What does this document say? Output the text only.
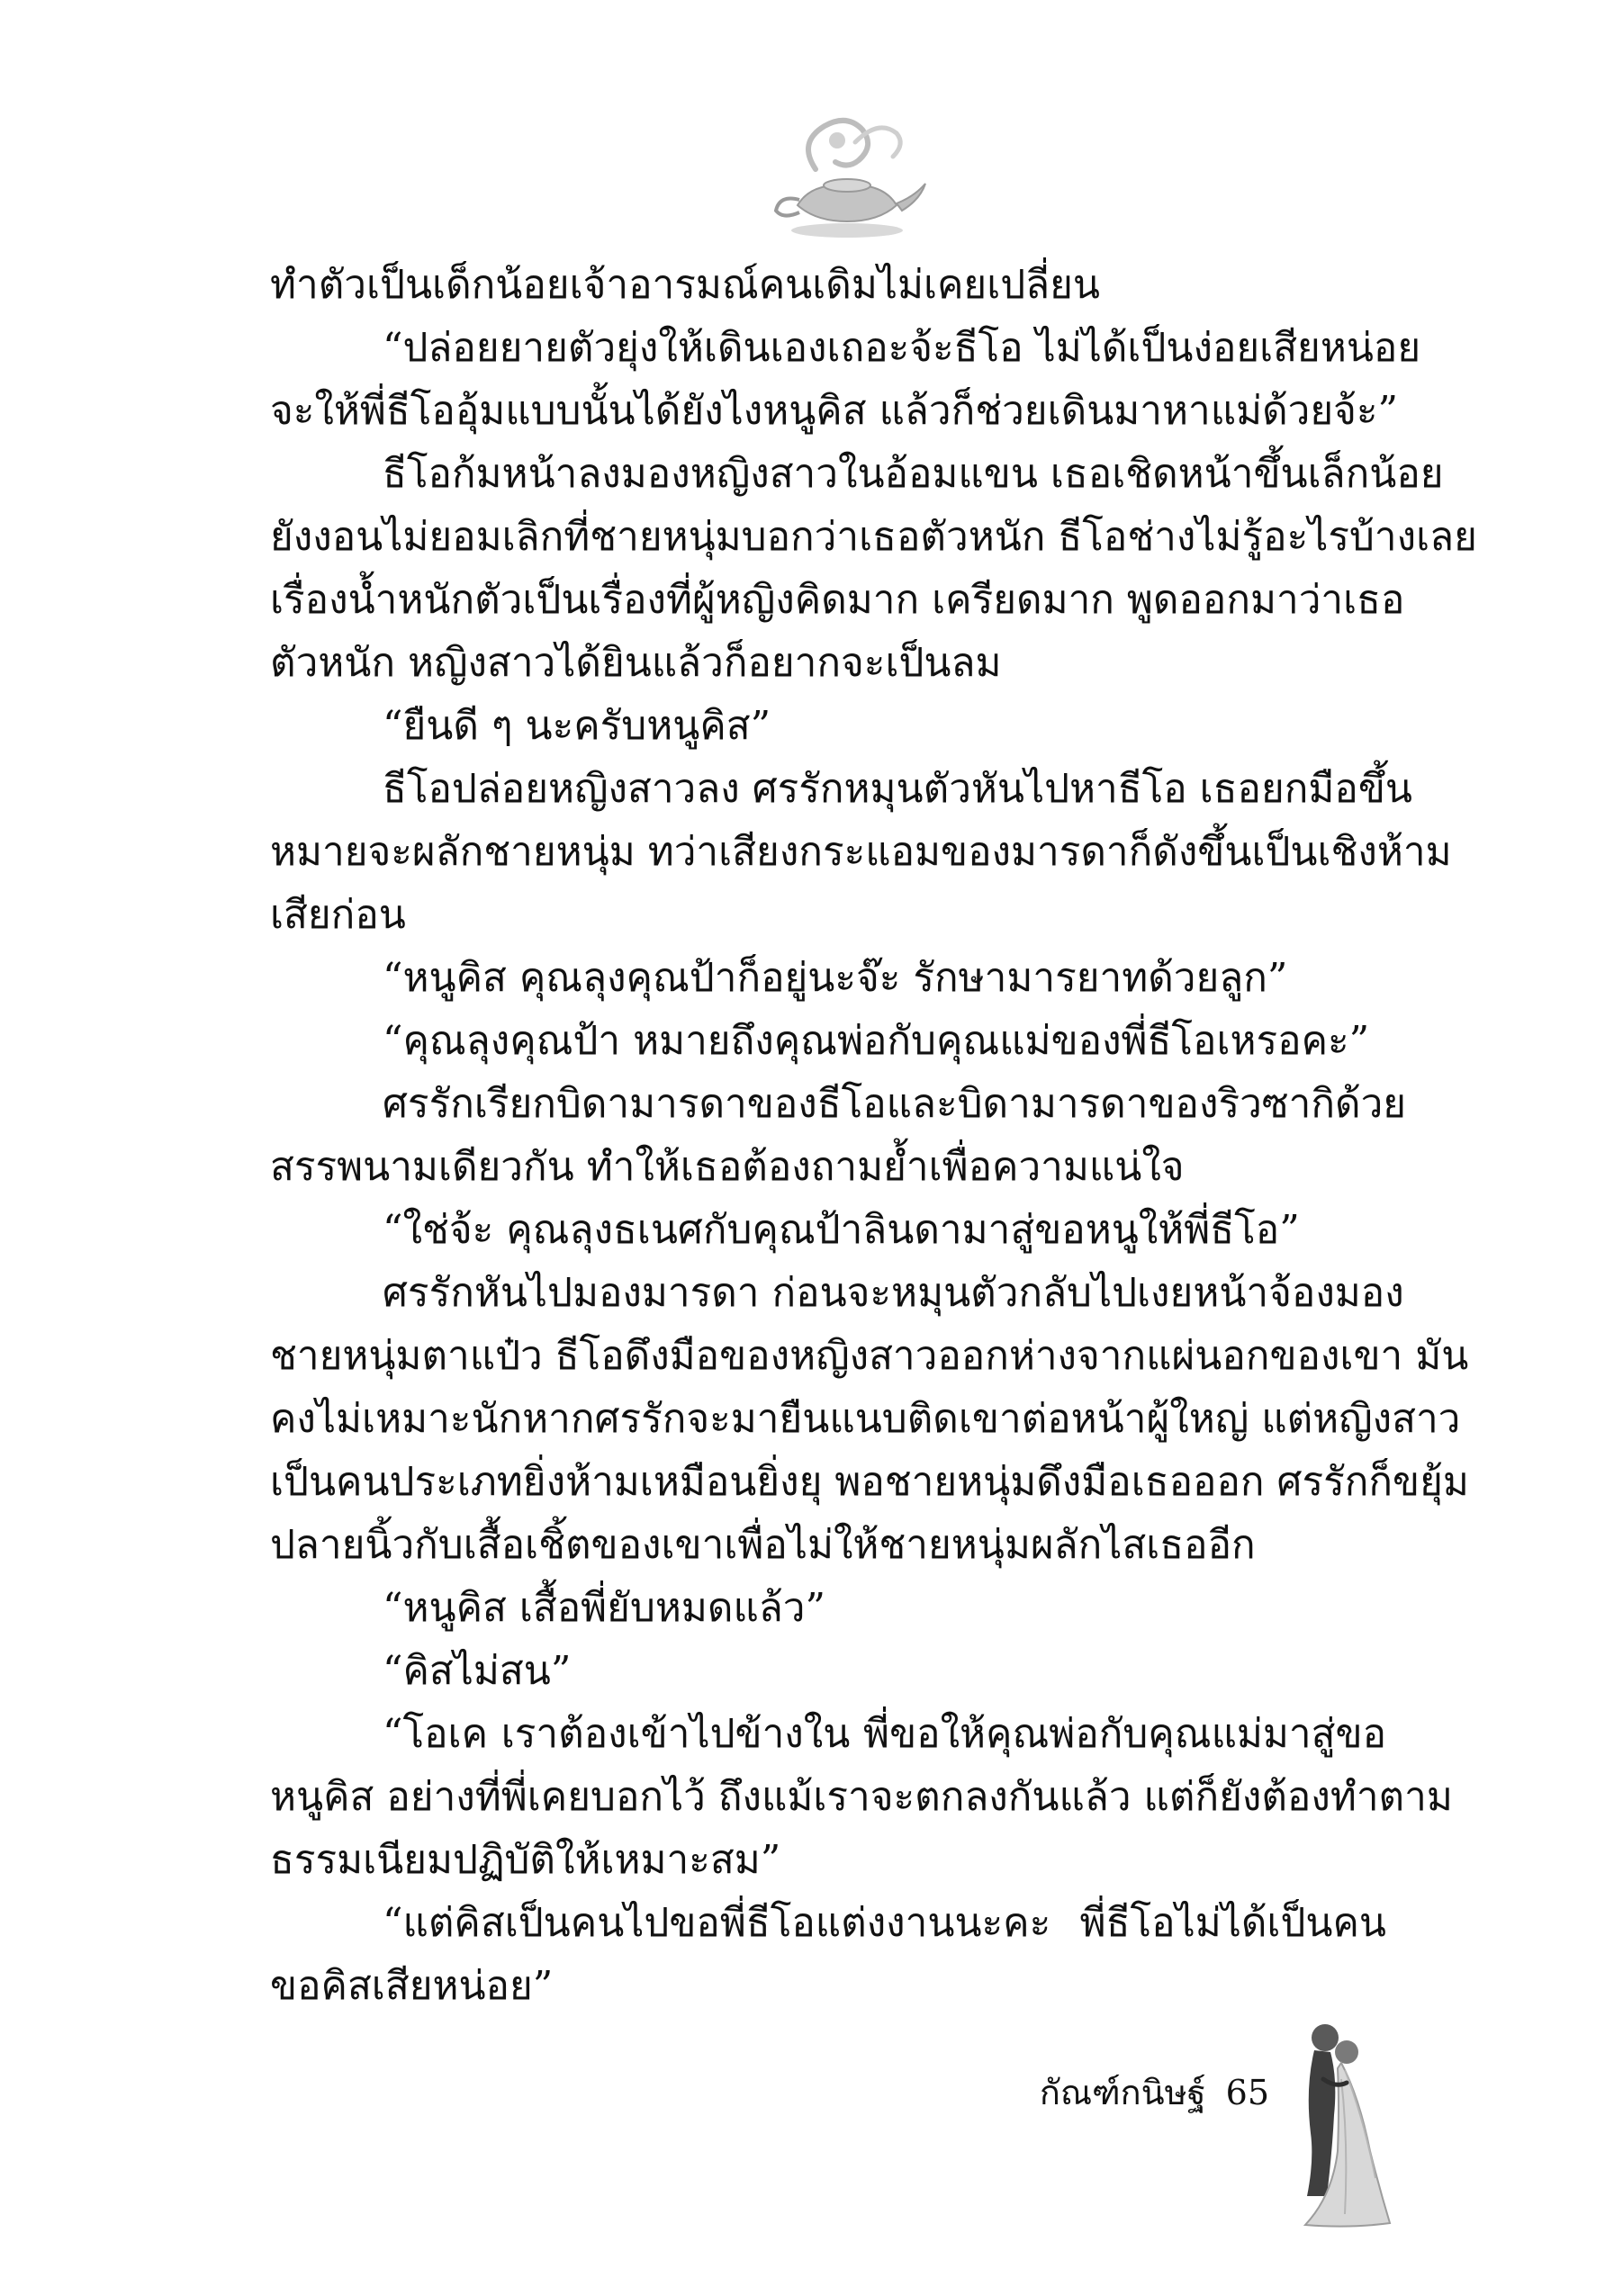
ทำตัวเป็นเด็กน้อยเจ้าอารมณ์คนเดิมไม่เคยเปลี่ยน
“ปล่อยยายตัวยุ่งให้เดินเองเถอะจ้ะธีโอ ไม่ได้เป็นง่อยเสียหน่อย
จะให้พี่ธีโออุ้มแบบนั้นได้ยังไงหนูคิส แล้วก็ช่วยเดินมาหาแม่ด้วยจ้ะ”
ธีโอก้มหน้าลงมองหญิงสาวในอ้อมแขน เธอเชิดหน้าขึ้นเล็กน้อย
ยังงอนไม่ยอมเลิกที่ชายหนุ่มบอกว่าเธอตัวหนัก ธีโอช่างไม่รู้อะไรบ้างเลย
เรื่องน้ำหนักตัวเป็นเรื่องที่ผู้หญิงคิดมาก เครียดมาก พูดออกมาว่าเธอ
ตัวหนัก หญิงสาวได้ยินแล้วก็อยากจะเป็นลม
“ยืนดี ๆ นะครับหนูคิส”
ธีโอปล่อยหญิงสาวลง ศรรักหมุนตัวหันไปหาธีโอ เธอยกมือขึ้น
หมายจะผลักชายหนุ่ม ทว่าเสียงกระแอมของมารดาก็ดังขึ้นเป็นเชิงห้าม
เสียก่อน
“หนูคิส คุณลุงคุณป้าก็อยู่นะจ๊ะ รักษามารยาทด้วยลูก”
“คุณลุงคุณป้า หมายถึงคุณพ่อกับคุณแม่ของพี่ธีโอเหรอคะ”
ศรรักเรียกบิดามารดาของธีโอและบิดามารดาของริวซากิด้วย
สรรพนามเดียวกัน ทำให้เธอต้องถามย้ำเพื่อความแน่ใจ
“ใช่จ้ะ คุณลุงธเนศกับคุณป้าลินดามาสู่ขอหนูให้พี่ธีโอ”
ศรรักหันไปมองมารดา ก่อนจะหมุนตัวกลับไปเงยหน้าจ้องมอง
ชายหนุ่มตาแป๋ว ธีโอดึงมือของหญิงสาวออกห่างจากแผ่นอกของเขา มัน
คงไม่เหมาะนักหากศรรักจะมายืนแนบติดเขาต่อหน้าผู้ใหญ่ แต่หญิงสาว
เป็นคนประเภทยิ่งห้ามเหมือนยิ่งยุ พอชายหนุ่มดึงมือเธอออก ศรรักก็ขยุ้ม
ปลายนิ้วกับเสื้อเชิ้ตของเขาเพื่อไม่ให้ชายหนุ่มผลักไสเธออีก
“หนูคิส เสื้อพี่ยับหมดแล้ว”
“คิสไม่สน”
“โอเค เราต้องเข้าไปข้างใน พี่ขอให้คุณพ่อกับคุณแม่มาสู่ขอ
หนูคิส อย่างที่พี่เคยบอกไว้ ถึงแม้เราจะตกลงกันแล้ว แต่ก็ยังต้องทำตาม
ธรรมเนียมปฏิบัติให้เหมาะสม”
“แต่คิสเป็นคนไปขอพี่ธีโอแต่งงานนะคะ พี่ธีโอไม่ได้เป็นคน
ขอคิสเสียหน่อย”
กัณฑ์กนิษฐ์ 65
